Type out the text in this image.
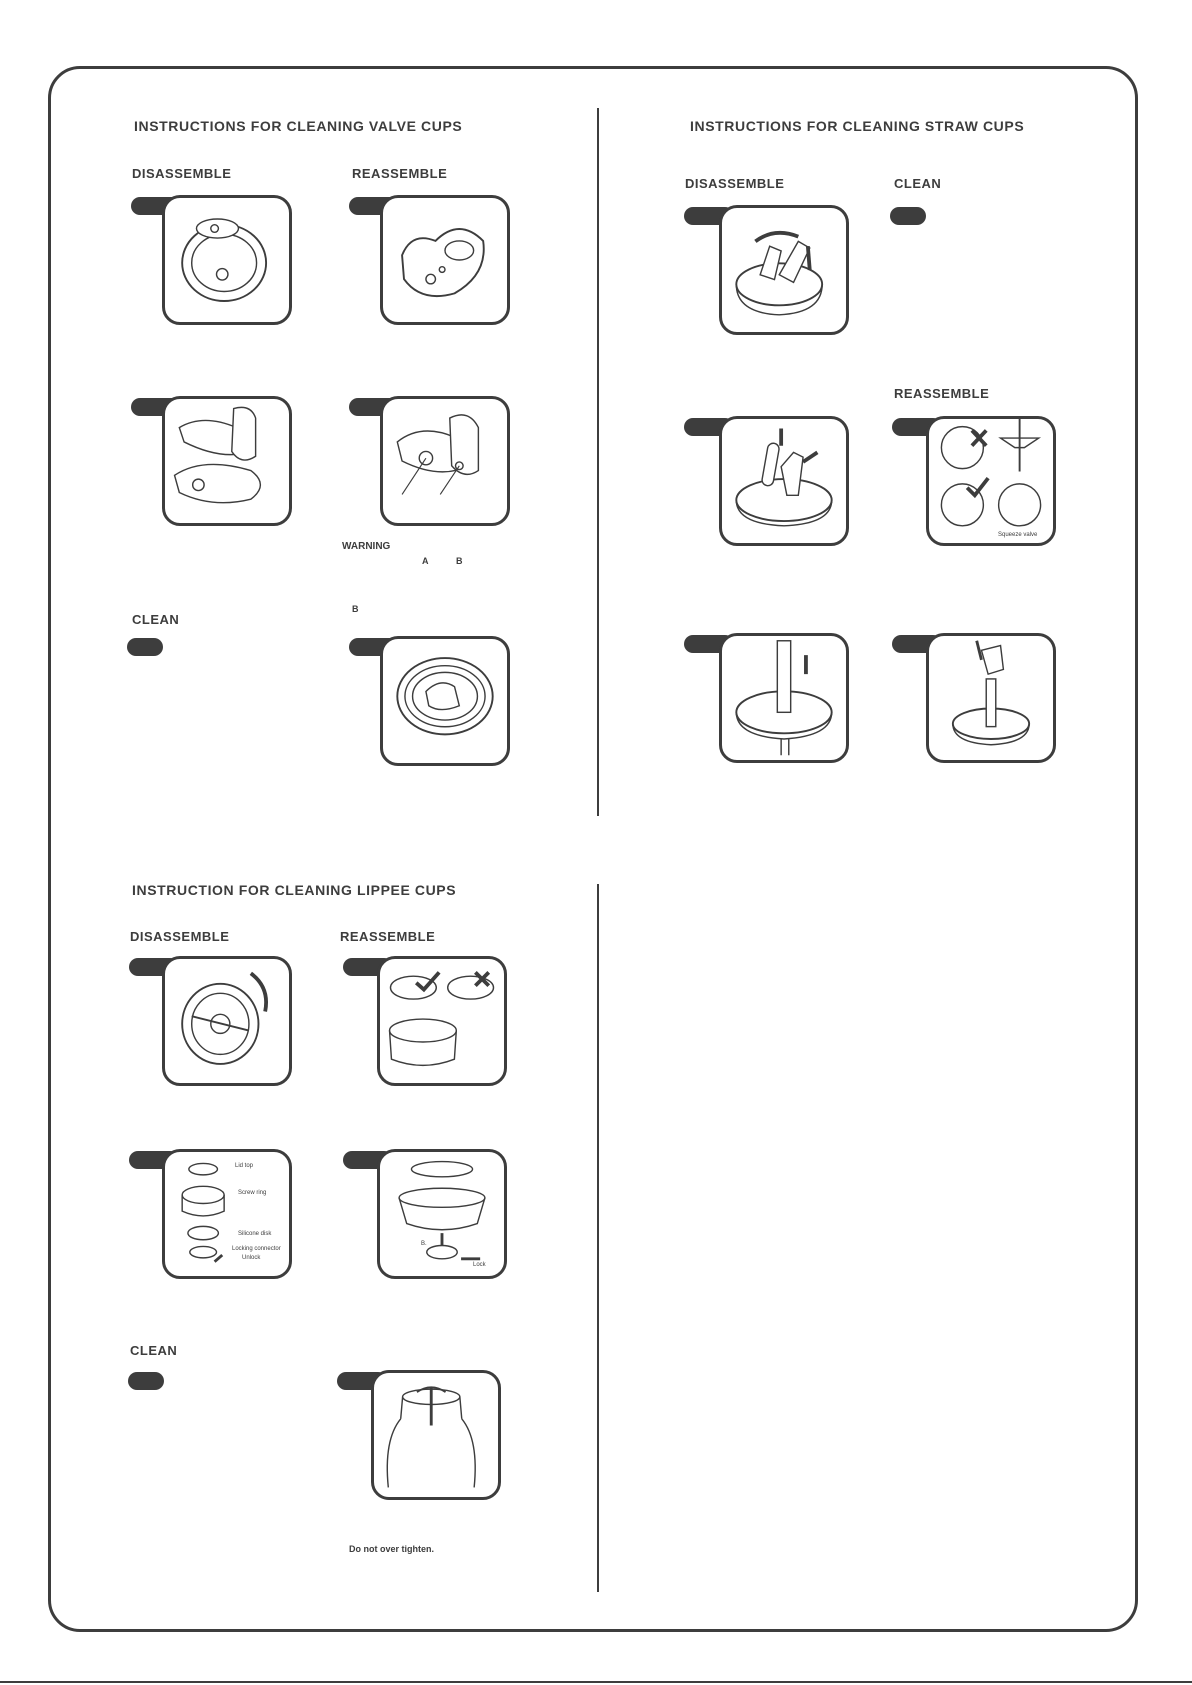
INSTRUCTIONS FOR CLEANING VALVE CUPS
DISASSEMBLE	REASSEMBLE
WARNING
A	B
B
CLEAN
INSTRUCTIONS FOR CLEANING STRAW CUPS
DISASSEMBLE	CLEAN
REASSEMBLE
Squeeze valve
INSTRUCTION FOR CLEANING LIPPEE CUPS
DISASSEMBLE	REASSEMBLE
Lid top
Screw ring
Silicone disk
Locking connector
Unlock
B.
Lock
CLEAN
Do not over tighten.
